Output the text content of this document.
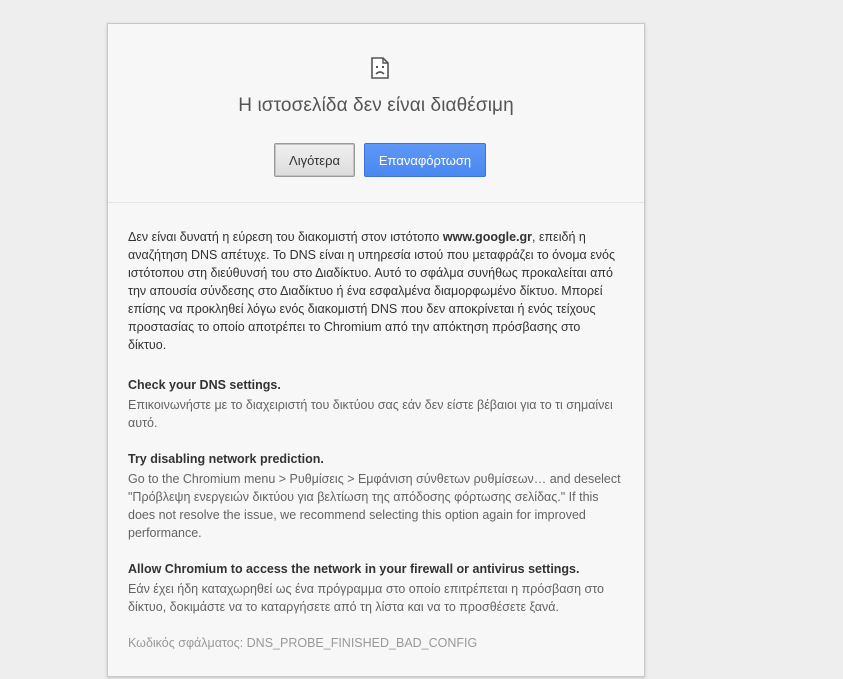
Η ιστοσελίδα δεν είναι διαθέσιμη
Λιγότερα	Επαναφόρτωση

Δεν είναι δυνατή η εύρεση του διακομιστή στον ιστότοπο www.google.gr, επειδή η αναζήτηση DNS απέτυχε. Το DNS είναι η υπηρεσία ιστού που μεταφράζει το όνομα ενός ιστότοπου στη διεύθυνσή του στο Διαδίκτυο. Αυτό το σφάλμα συνήθως προκαλείται από την απουσία σύνδεσης στο Διαδίκτυο ή ένα εσφαλμένα διαμορφωμένο δίκτυο. Μπορεί επίσης να προκληθεί λόγω ενός διακομιστή DNS που δεν αποκρίνεται ή ενός τείχους προστασίας το οποίο αποτρέπει το Chromium από την απόκτηση πρόσβασης στο δίκτυο.

Check your DNS settings.
Επικοινωνήστε με το διαχειριστή του δικτύου σας εάν δεν είστε βέβαιοι για το τι σημαίνει αυτό.
Try disabling network prediction.
Go to the Chromium menu > Ρυθμίσεις > Εμφάνιση σύνθετων ρυθμίσεων… and deselect "Πρόβλεψη ενεργειών δικτύου για βελτίωση της απόδοσης φόρτωσης σελίδας." If this does not resolve the issue, we recommend selecting this option again for improved performance.
Allow Chromium to access the network in your firewall or antivirus settings.
Εάν έχει ήδη καταχωρηθεί ως ένα πρόγραμμα στο οποίο επιτρέπεται η πρόσβαση στο δίκτυο, δοκιμάστε να το καταργήσετε από τη λίστα και να το προσθέσετε ξανά.
Κωδικός σφάλματος: DNS_PROBE_FINISHED_BAD_CONFIG
